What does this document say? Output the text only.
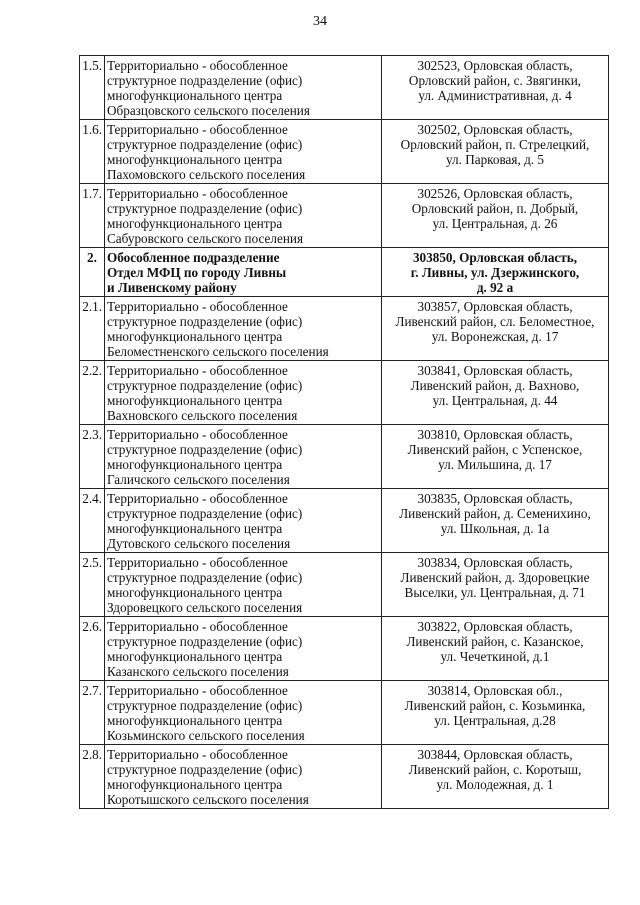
34
1.5.	Территориально - обособленное
структурное подразделение (офис)
многофункционального центра
Образцовского сельского поселения	302523, Орловская область,
Орловский район, с. Звягинки,
ул. Административная, д. 4

1.6.	Территориально - обособленное
структурное подразделение (офис)
многофункционального центра
Пахомовского сельского поселения	302502, Орловская область,
Орловский район, п. Стрелецкий,
ул. Парковая, д. 5

1.7.	Территориально - обособленное
структурное подразделение (офис)
многофункционального центра
Сабуровского сельского поселения	302526, Орловская область,
Орловский район, п. Добрый,
ул. Центральная, д. 26

2.	Обособленное подразделение
Отдел МФЦ по городу Ливны
и Ливенскому району	303850, Орловская область,
г. Ливны, ул. Дзержинского,
д. 92 а

2.1.	Территориально - обособленное
структурное подразделение (офис)
многофункционального центра
Беломестненского сельского поселения	303857, Орловская область,
Ливенский район, сл. Беломестное,
ул. Воронежская, д. 17

2.2.	Территориально - обособленное
структурное подразделение (офис)
многофункционального центра
Вахновского сельского поселения	303841, Орловская область,
Ливенский район, д. Вахново,
ул. Центральная, д. 44

2.3.	Территориально - обособленное
структурное подразделение (офис)
многофункционального центра
Галичского сельского поселения	303810, Орловская область,
Ливенский район, с Успенское,
ул. Мильшина, д. 17

2.4.	Территориально - обособленное
структурное подразделение (офис)
многофункционального центра
Дутовского сельского поселения	303835, Орловская область,
Ливенский район, д. Семенихино,
ул. Школьная, д. 1а

2.5.	Территориально - обособленное
структурное подразделение (офис)
многофункционального центра
Здоровецкого сельского поселения	303834, Орловская область,
Ливенский район, д. Здоровецкие
Выселки, ул. Центральная, д. 71

2.6.	Территориально - обособленное
структурное подразделение (офис)
многофункционального центра
Казанского сельского поселения	303822, Орловская область,
Ливенский район, с. Казанское,
ул. Чечеткиной, д.1

2.7.	Территориально - обособленное
структурное подразделение (офис)
многофункционального центра
Козьминского сельского поселения	303814, Орловская обл.,
Ливенский район, с. Козьминка,
ул. Центральная, д.28

2.8.	Территориально - обособленное
структурное подразделение (офис)
многофункционального центра
Коротышского сельского поселения	303844, Орловская область,
Ливенский район, с. Коротыш,
ул. Молодежная, д. 1
